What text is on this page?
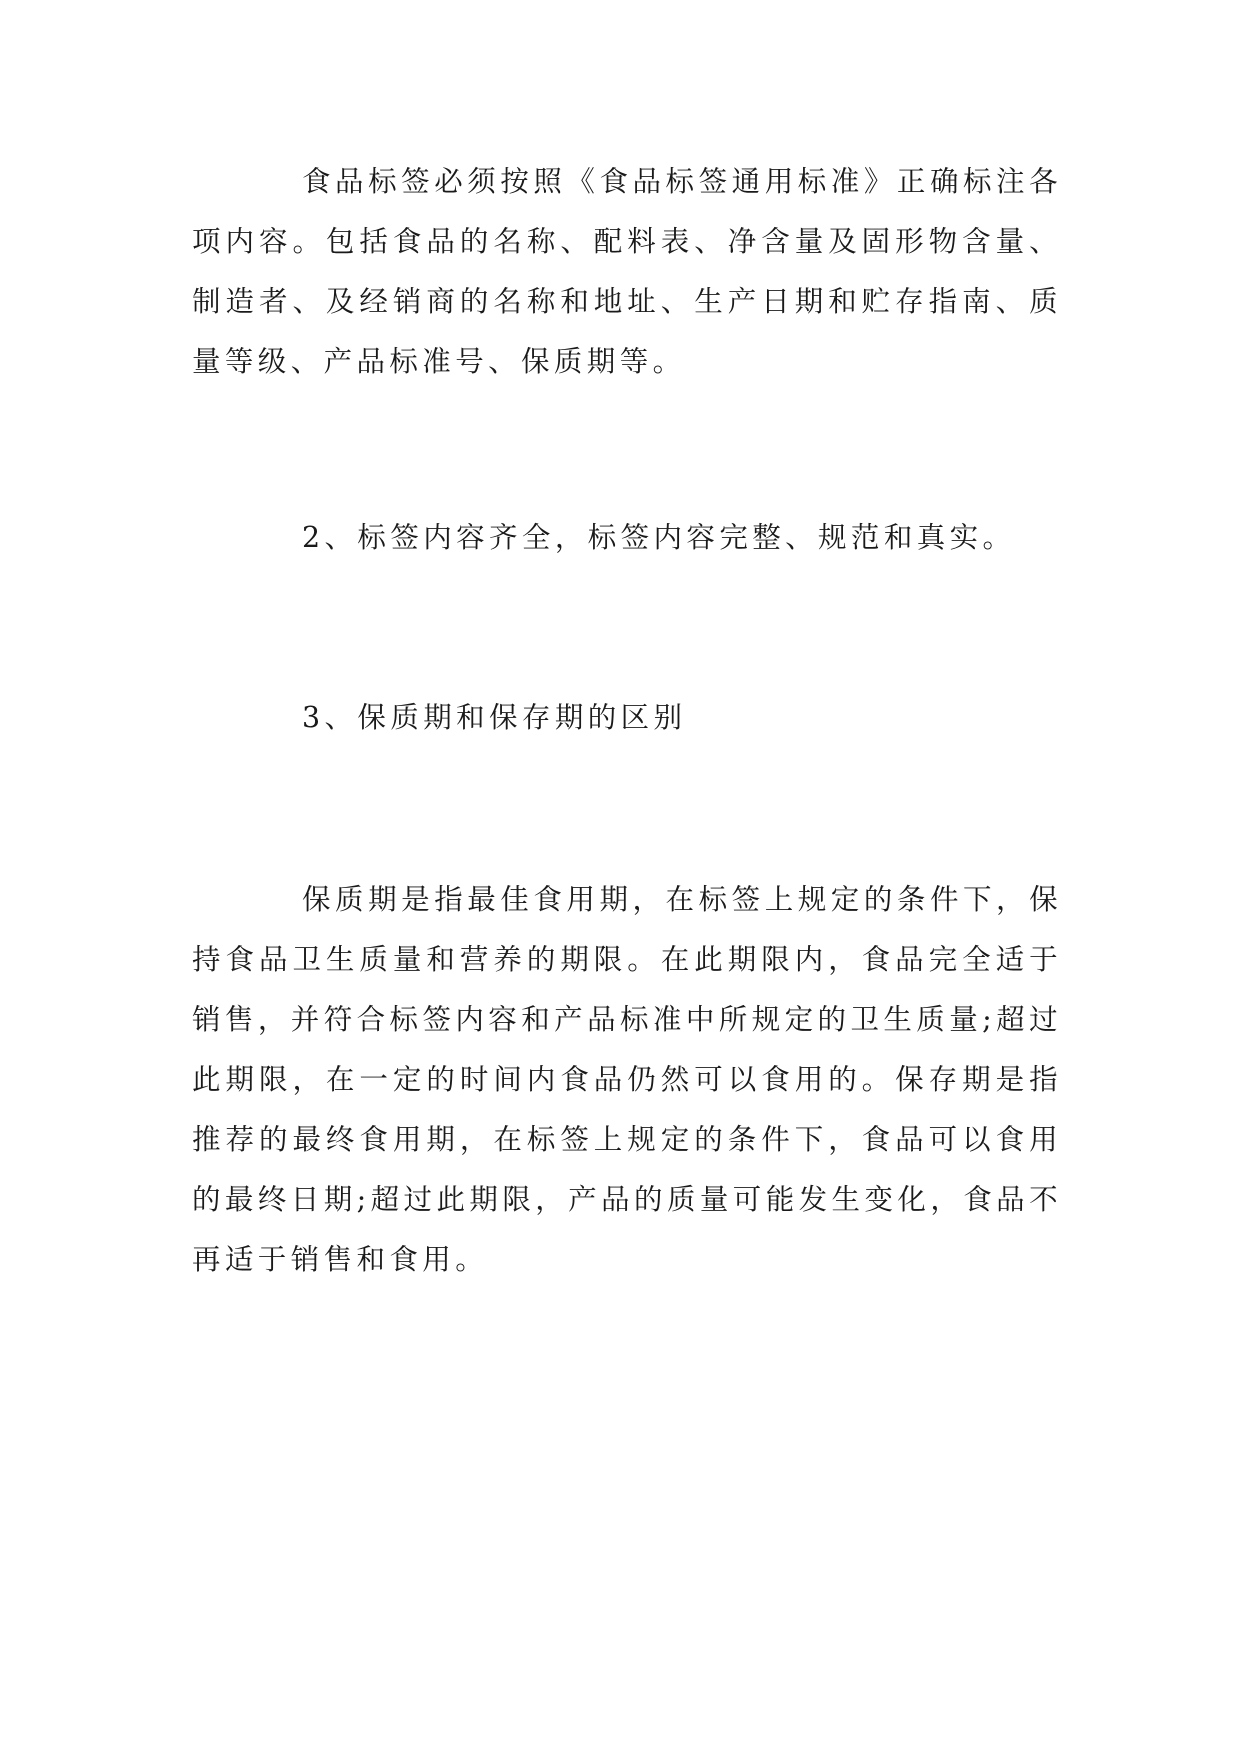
食品标签必须按照《食品标签通用标准》正确标注各项内容。包括食品的名称、配料表、净含量及固形物含量、制造者、及经销商的名称和地址、生产日期和贮存指南、质量等级、产品标准号、保质期等。

2、标签内容齐全，标签内容完整、规范和真实。

3、保质期和保存期的区别

保质期是指最佳食用期，在标签上规定的条件下，保持食品卫生质量和营养的期限。在此期限内，食品完全适于销售，并符合标签内容和产品标准中所规定的卫生质量;超过此期限，在一定的时间内食品仍然可以食用的。保存期是指推荐的最终食用期，在标签上规定的条件下，食品可以食用的最终日期;超过此期限，产品的质量可能发生变化，食品不再适于销售和食用。
